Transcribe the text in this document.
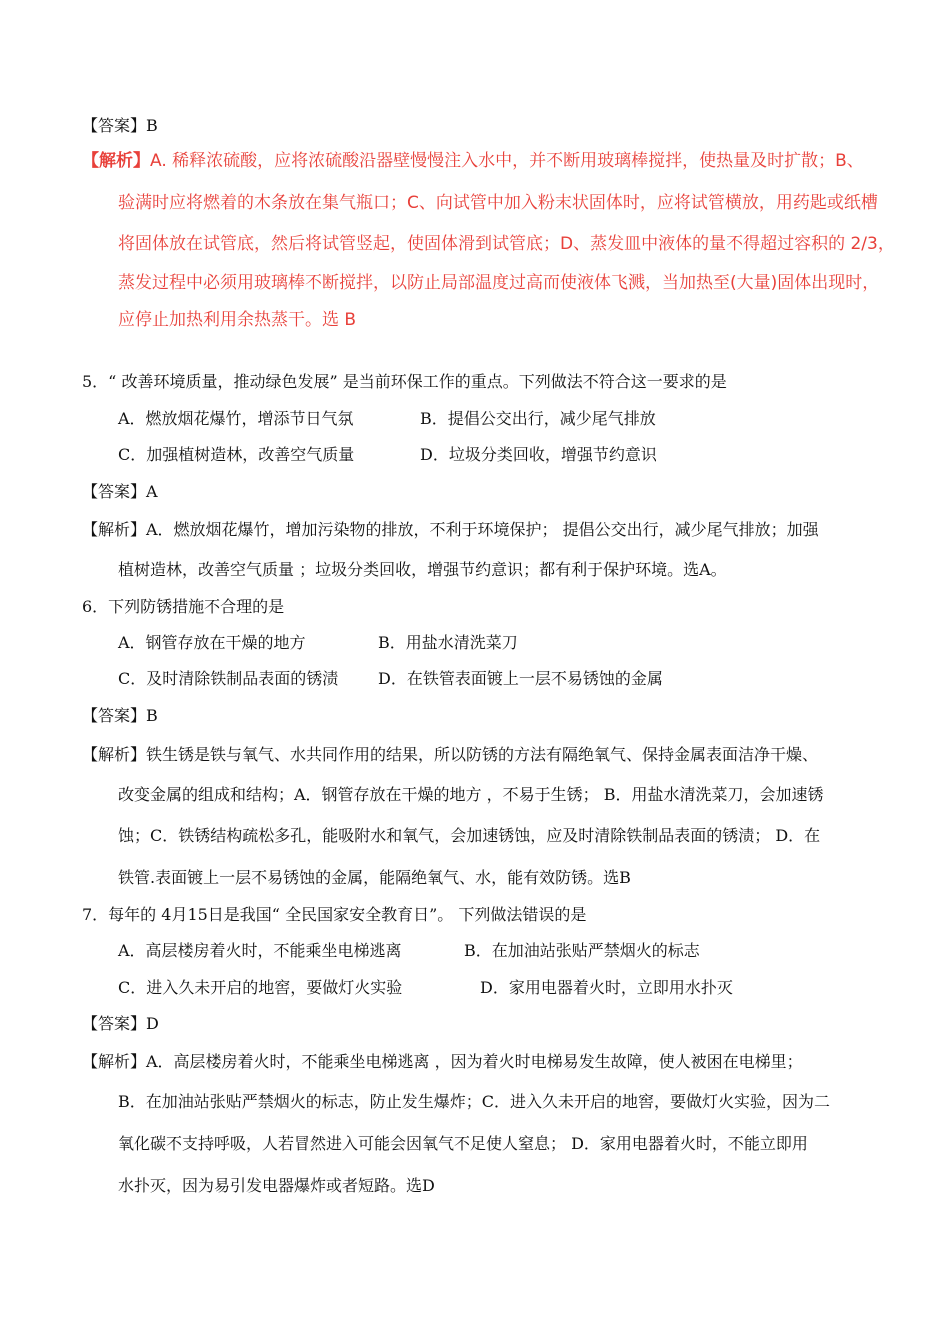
【答案】B
【解析】A. 稀释浓硫酸，应将浓硫酸沿器壁慢慢注入水中，并不断用玻璃棒搅拌，使热量及时扩散；B、
验满时应将燃着的木条放在集气瓶口；C、向试管中加入粉末状固体时，应将试管横放，用药匙或纸槽
将固体放在试管底，然后将试管竖起，使固体滑到试管底；D、蒸发皿中液体的量不得超过容积的 2/3，
蒸发过程中必须用玻璃棒不断搅拌，以防止局部温度过高而使液体飞溅，当加热至(大量)固体出现时，
应停止加热利用余热蒸干。选 B
5．“ 改善环境质量，推动绿色发展” 是当前环保工作的重点。下列做法不符合这一要求的是
A．燃放烟花爆竹，增添节日气氛	B．提倡公交出行，减少尾气排放
C．加强植树造林，改善空气质量	D．垃圾分类回收，增强节约意识
【答案】A
【解析】A．燃放烟花爆竹，增加污染物的排放，不利于环境保护； 提倡公交出行，减少尾气排放；加强
植树造林，改善空气质量 ；垃圾分类回收，增强节约意识；都有利于保护环境。选A。
6．下列防锈措施不合理的是
A．钢管存放在干燥的地方	B．用盐水清洗菜刀
C．及时清除铁制品表面的锈渍 D．在铁管表面镀上一层不易锈蚀的金属
【答案】B
【解析】铁生锈是铁与氧气、水共同作用的结果，所以防锈的方法有隔绝氧气、保持金属表面洁净干燥、
改变金属的组成和结构；A．钢管存放在干燥的地方 ，不易于生锈； B．用盐水清洗菜刀，会加速锈
蚀；C．铁锈结构疏松多孔，能吸附水和氧气，会加速锈蚀，应及时清除铁制品表面的锈渍； D．在
铁管.表面镀上一层不易锈蚀的金属，能隔绝氧气、水，能有效防锈。选B
7．每年的 4月15日是我国“ 全民国家安全教育日”。 下列做法错误的是
A．高层楼房着火时，不能乘坐电梯逃离	B．在加油站张贴严禁烟火的标志
C．进入久未开启的地窖，要做灯火实验	D．家用电器着火时，立即用水扑灭
【答案】D
【解析】A．高层楼房着火时，不能乘坐电梯逃离 ，因为着火时电梯易发生故障，使人被困在电梯里；
B．在加油站张贴严禁烟火的标志，防止发生爆炸；C．进入久未开启的地窖，要做灯火实验，因为二
氧化碳不支持呼吸，人若冒然进入可能会因氧气不足使人窒息； D．家用电器着火时，不能立即用
水扑灭，因为易引发电器爆炸或者短路。选D
